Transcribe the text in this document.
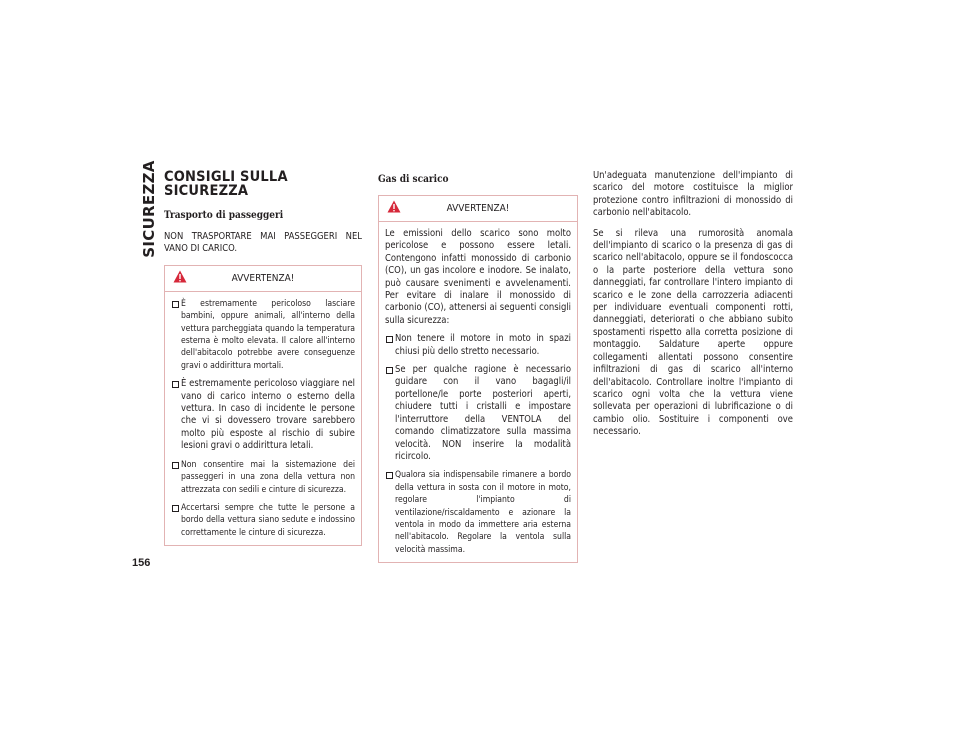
SICUREZZA
156
CONSIGLI SULLA SICUREZZA
Trasporto di passeggeri

NON TRASPORTARE MAI PASSEGGERI NEL VANO DI CARICO.

AVVERTENZA!
È estremamente pericoloso lasciare bambini, oppure animali, all'interno della vettura parcheggiata quando la temperatura esterna è molto elevata. Il calore all'interno dell'abitacolo potrebbe avere conseguenze gravi o addirittura mortali.
È estremamente pericoloso viaggiare nel vano di carico interno o esterno della vettura. In caso di incidente le persone che vi si dovessero trovare sarebbero molto più esposte al rischio di subire lesioni gravi o addirittura letali.
Non consentire mai la sistemazione dei passeggeri in una zona della vettura non attrezzata con sedili e cinture di sicurezza.
Accertarsi sempre che tutte le persone a bordo della vettura siano sedute e indossino correttamente le cinture di sicurezza.
Gas di scarico
AVVERTENZA!

Le emissioni dello scarico sono molto pericolose e possono essere letali. Contengono infatti monossido di carbonio (CO), un gas incolore e inodore. Se inalato, può causare svenimenti e avvelenamenti. Per evitare di inalare il monossido di carbonio (CO), attenersi ai seguenti consigli sulla sicurezza:

Non tenere il motore in moto in spazi chiusi più dello stretto necessario.
Se per qualche ragione è necessario guidare con il vano bagagli/il portellone/le porte posteriori aperti, chiudere tutti i cristalli e impostare l'interruttore della VENTOLA del comando climatizzatore sulla massima velocità. NON inserire la modalità ricircolo.
Qualora sia indispensabile rimanere a bordo della vettura in sosta con il motore in moto, regolare l'impianto di ventilazione/riscaldamento e azionare la ventola in modo da immettere aria esterna nell'abitacolo. Regolare la ventola sulla velocità massima.

Un'adeguata manutenzione dell'impianto di scarico del motore costituisce la miglior protezione contro infiltrazioni di monossido di carbonio nell'abitacolo.

Se si rileva una rumorosità anomala dell'impianto di scarico o la presenza di gas di scarico nell'abitacolo, oppure se il fondoscocca o la parte posteriore della vettura sono danneggiati, far controllare l'intero impianto di scarico e le zone della carrozzeria adiacenti per individuare eventuali componenti rotti, danneggiati, deteriorati o che abbiano subito spostamenti rispetto alla corretta posizione di montaggio. Saldature aperte oppure collegamenti allentati possono consentire infiltrazioni di gas di scarico all'interno dell'abitacolo. Controllare inoltre l'impianto di scarico ogni volta che la vettura viene sollevata per operazioni di lubrificazione o di cambio olio. Sostituire i componenti ove necessario.
